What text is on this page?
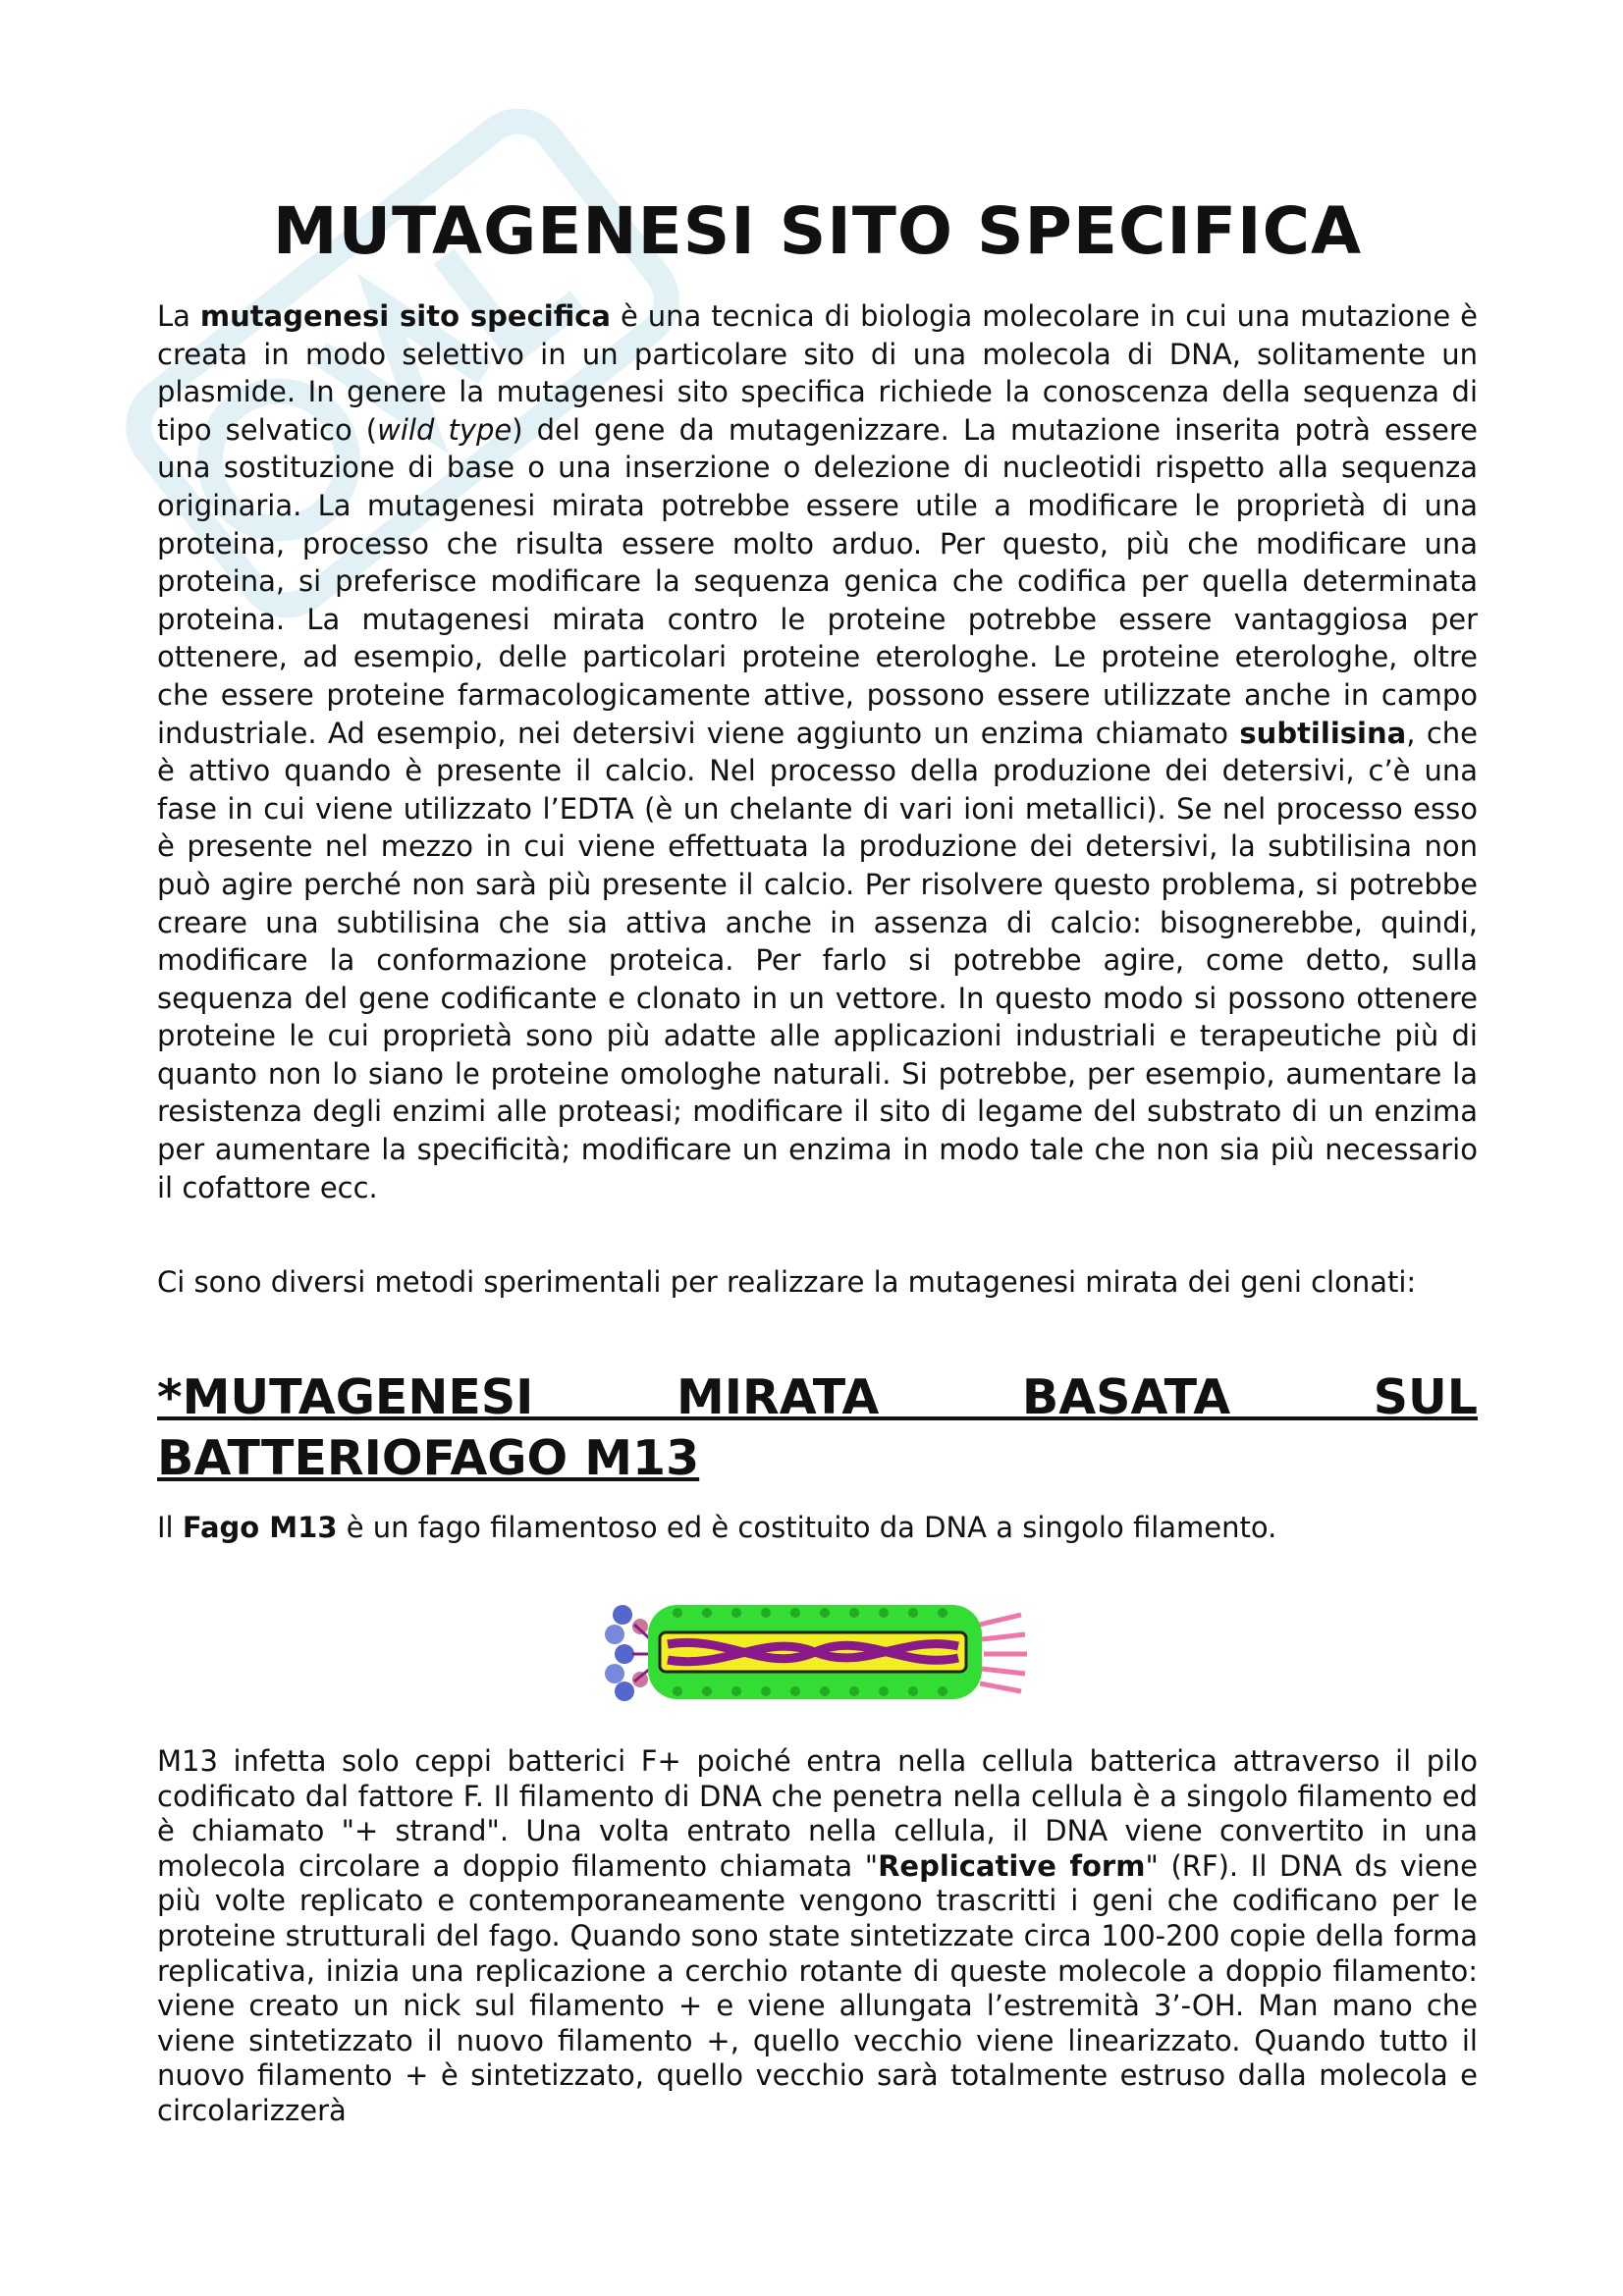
MUTAGENESI SITO SPECIFICA

La mutagenesi sito specifica è una tecnica di biologia molecolare in cui una mutazione è creata in modo selettivo in un particolare sito di una molecola di DNA, solitamente un plasmide. In genere la mutagenesi sito specifica richiede la conoscenza della sequenza di tipo selvatico (wild type) del gene da mutagenizzare. La mutazione inserita potrà essere una sostituzione di base o una inserzione o delezione di nucleotidi rispetto alla sequenza originaria. La mutagenesi mirata potrebbe essere utile a modificare le proprietà di una proteina, processo che risulta essere molto arduo. Per questo, più che modificare una proteina, si preferisce modificare la sequenza genica che codifica per quella determinata proteina. La mutagenesi mirata contro le proteine potrebbe essere vantaggiosa per ottenere, ad esempio, delle particolari proteine eterologhe. Le proteine eterologhe, oltre che essere proteine farmacologicamente attive, possono essere utilizzate anche in campo industriale. Ad esempio, nei detersivi viene aggiunto un enzima chiamato subtilisina, che è attivo quando è presente il calcio. Nel processo della produzione dei detersivi, c’è una fase in cui viene utilizzato l’EDTA (è un chelante di vari ioni metallici). Se nel processo esso è presente nel mezzo in cui viene effettuata la produzione dei detersivi, la subtilisina non può agire perché non sarà più presente il calcio. Per risolvere questo problema, si potrebbe creare una subtilisina che sia attiva anche in assenza di calcio: bisognerebbe, quindi, modificare la conformazione proteica. Per farlo si potrebbe agire, come detto, sulla sequenza del gene codificante e clonato in un vettore. In questo modo si possono ottenere proteine le cui proprietà sono più adatte alle applicazioni industriali e terapeutiche più di quanto non lo siano le proteine omologhe naturali. Si potrebbe, per esempio, aumentare la resistenza degli enzimi alle proteasi; modificare il sito di legame del substrato di un enzima per aumentare la specificità; modificare un enzima in modo tale che non sia più necessario il cofattore ecc.

Ci sono diversi metodi sperimentali per realizzare la mutagenesi mirata dei geni clonati:

*MUTAGENESI MIRATA BASATA SUL
BATTERIOFAGO M13

Il Fago M13 è un fago filamentoso ed è costituito da DNA a singolo filamento.

M13 infetta solo ceppi batterici F+ poiché entra nella cellula batterica attraverso il pilo codificato dal fattore F. Il filamento di DNA che penetra nella cellula è a singolo filamento ed è chiamato "+ strand". Una volta entrato nella cellula, il DNA viene convertito in una molecola circolare a doppio filamento chiamata "Replicative form" (RF). Il DNA ds viene più volte replicato e contemporaneamente vengono trascritti i geni che codificano per le proteine strutturali del fago. Quando sono state sintetizzate circa 100-200 copie della forma replicativa, inizia una replicazione a cerchio rotante di queste molecole a doppio filamento: viene creato un nick sul filamento + e viene allungata l’estremità 3’-OH. Man mano che viene sintetizzato il nuovo filamento +, quello vecchio viene linearizzato. Quando tutto il nuovo filamento + è sintetizzato, quello vecchio sarà totalmente estruso dalla molecola e circolarizzerà
